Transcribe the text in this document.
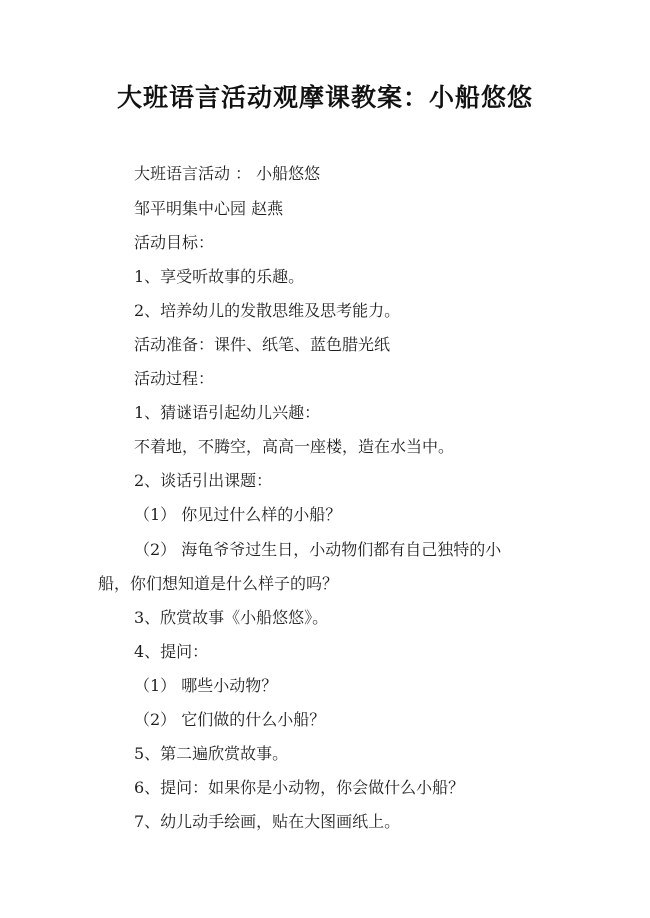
大班语言活动观摩课教案：小船悠悠
大班语言活动 ： 小船悠悠
邹平明集中心园 赵燕
活动目标：
1、享受听故事的乐趣。
2、培养幼儿的发散思维及思考能力。
活动准备：课件、纸笔、蓝色腊光纸
活动过程：
1、猜谜语引起幼儿兴趣：
不着地，不腾空，高高一座楼，造在水当中。
2、谈话引出课题：
（1） 你见过什么样的小船？
（2） 海龟爷爷过生日，小动物们都有自己独特的小
船，你们想知道是什么样子的吗？
3、欣赏故事《小船悠悠》。
4、提问：
（1） 哪些小动物？
（2） 它们做的什么小船？
5、第二遍欣赏故事。
6、提问：如果你是小动物，你会做什么小船？
7、幼儿动手绘画，贴在大图画纸上。
